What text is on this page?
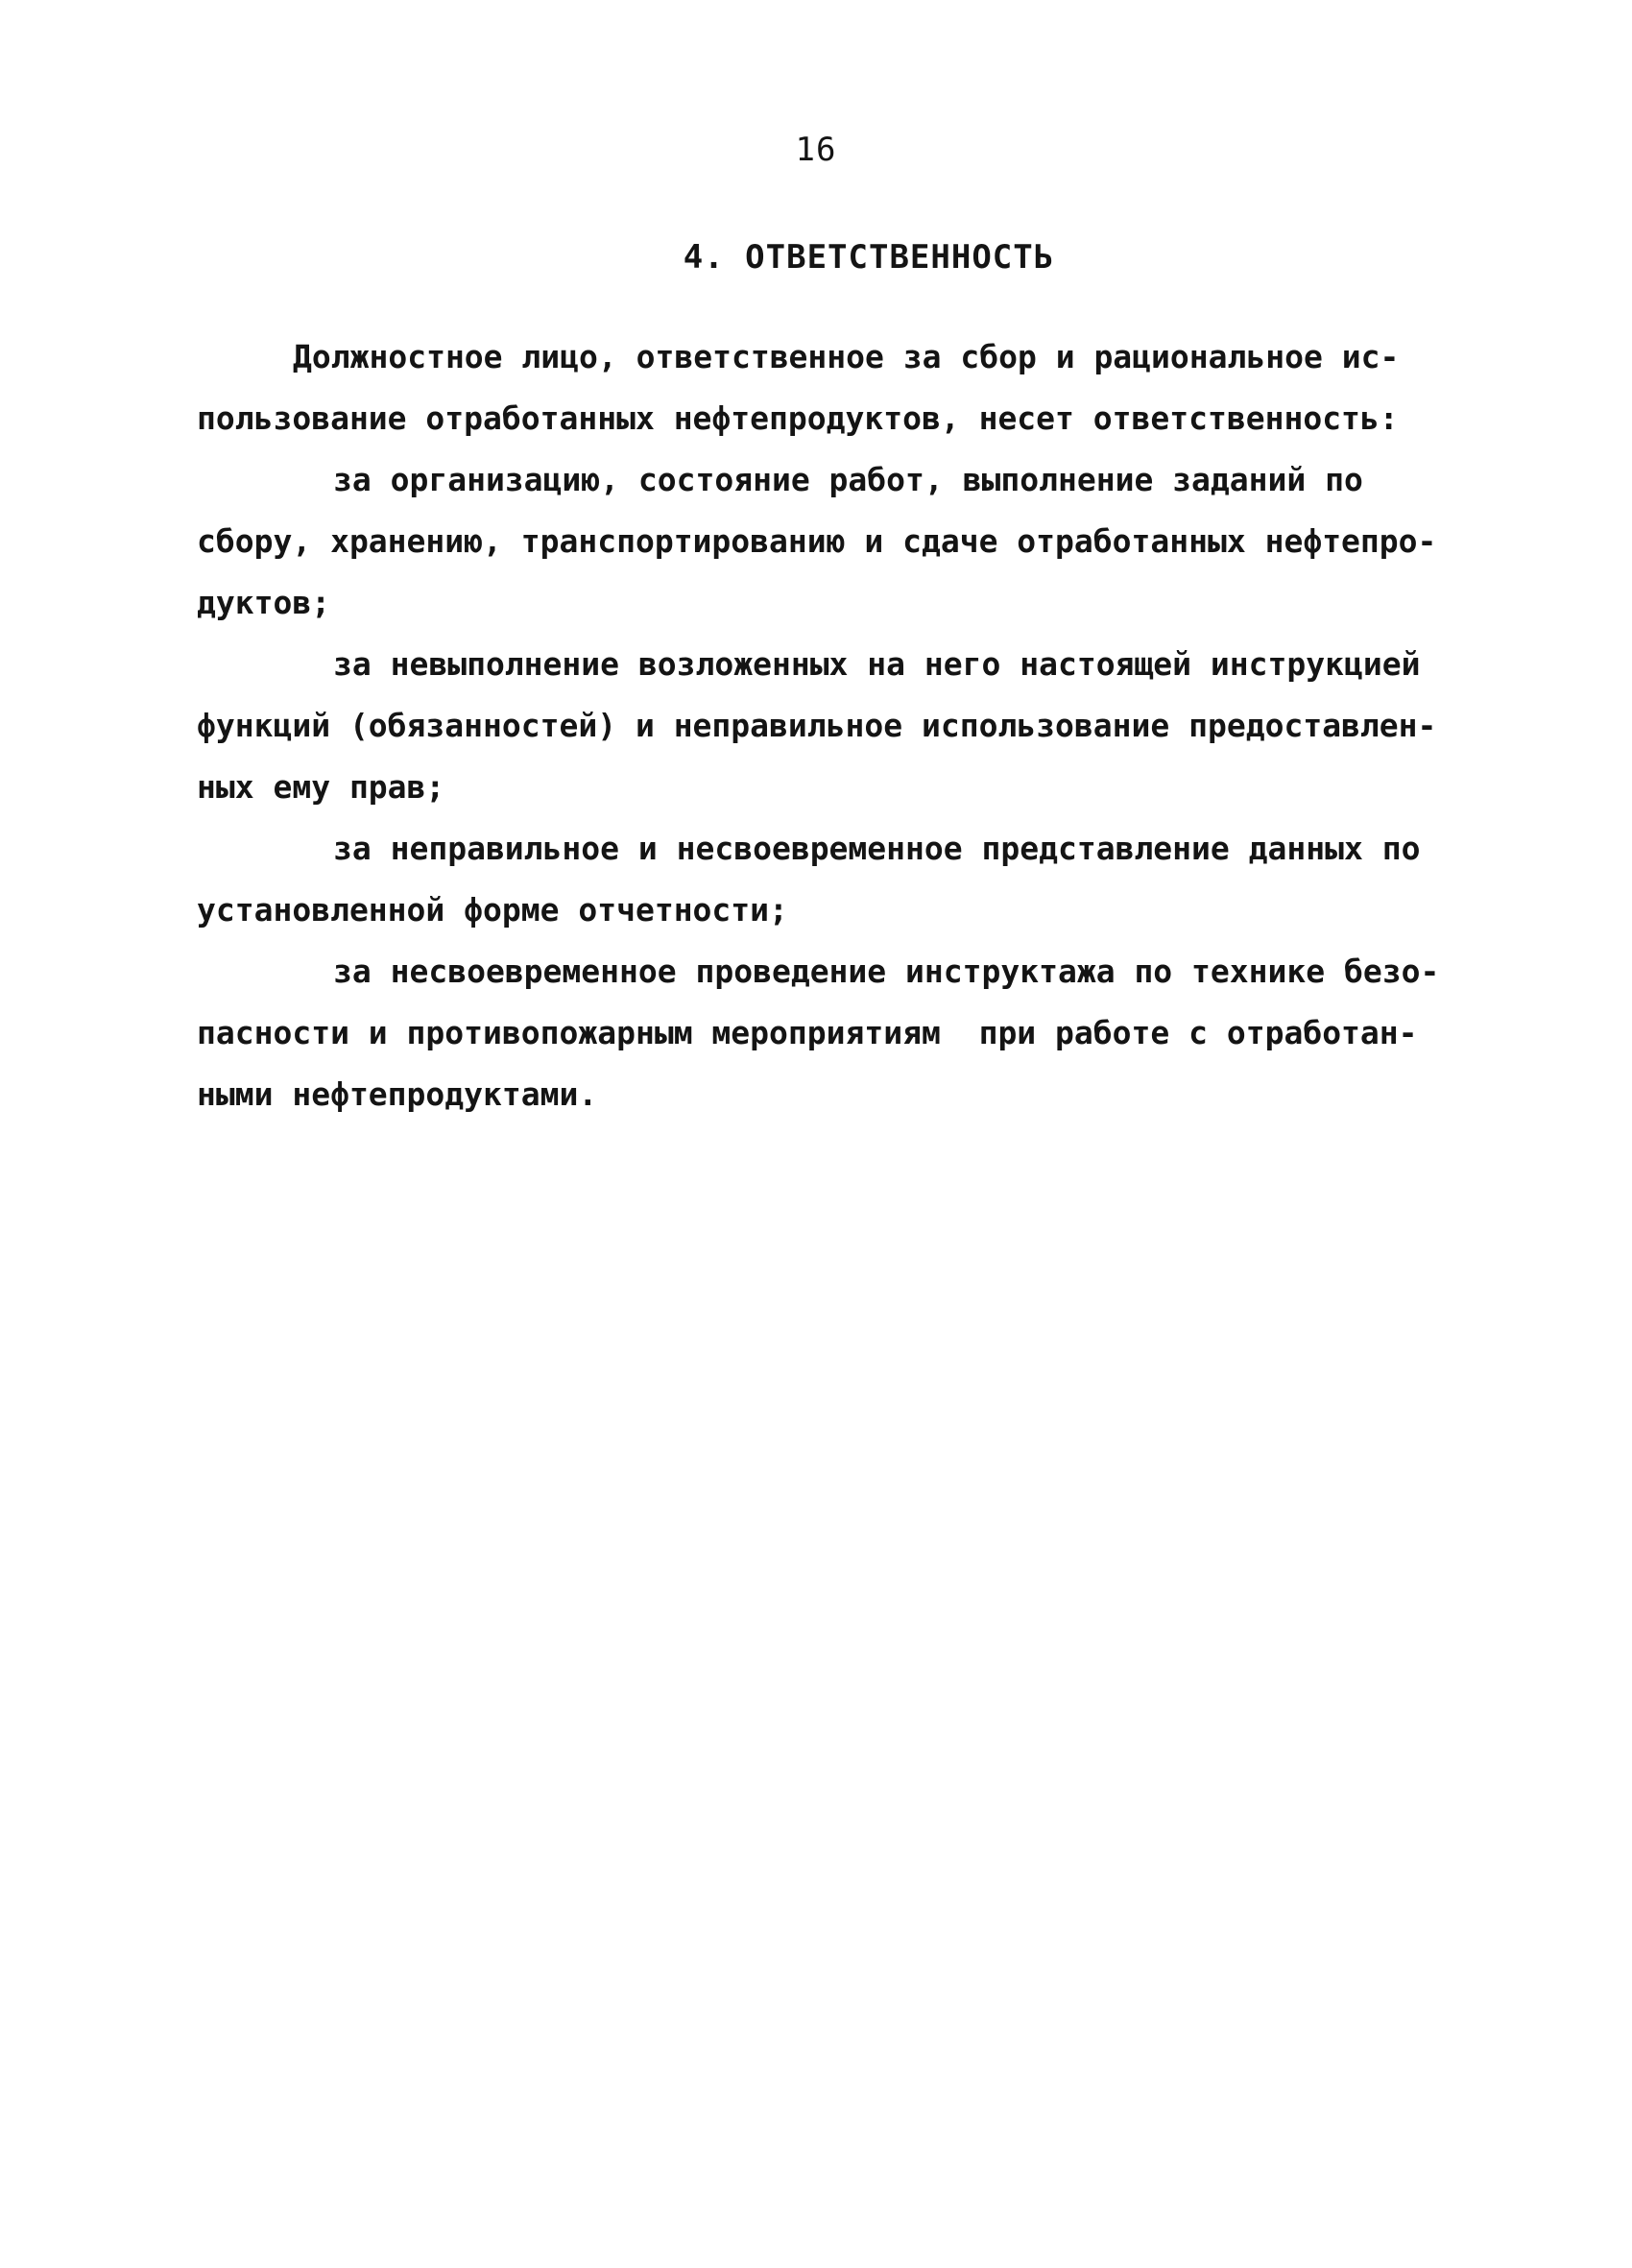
16
4. ОТВЕТСТВЕННОСТЬ
Должностное лицо, ответственное за сбор и рациональное ис-
пользование отработанных нефтепродуктов, несет ответственность:
за организацию, состояние работ, выполнение заданий по
сбору, хранению, транспортированию и сдаче отработанных нефтепро-
дуктов;
за невыполнение возложенных на него настоящей инструкцией
функций (обязанностей) и неправильное использование предоставлен-
ных ему прав;
за неправильное и несвоевременное представление данных по
установленной форме отчетности;
за несвоевременное проведение инструктажа по технике безо-
пасности и противопожарным мероприятиям  при работе с отработан-
ными нефтепродуктами.
